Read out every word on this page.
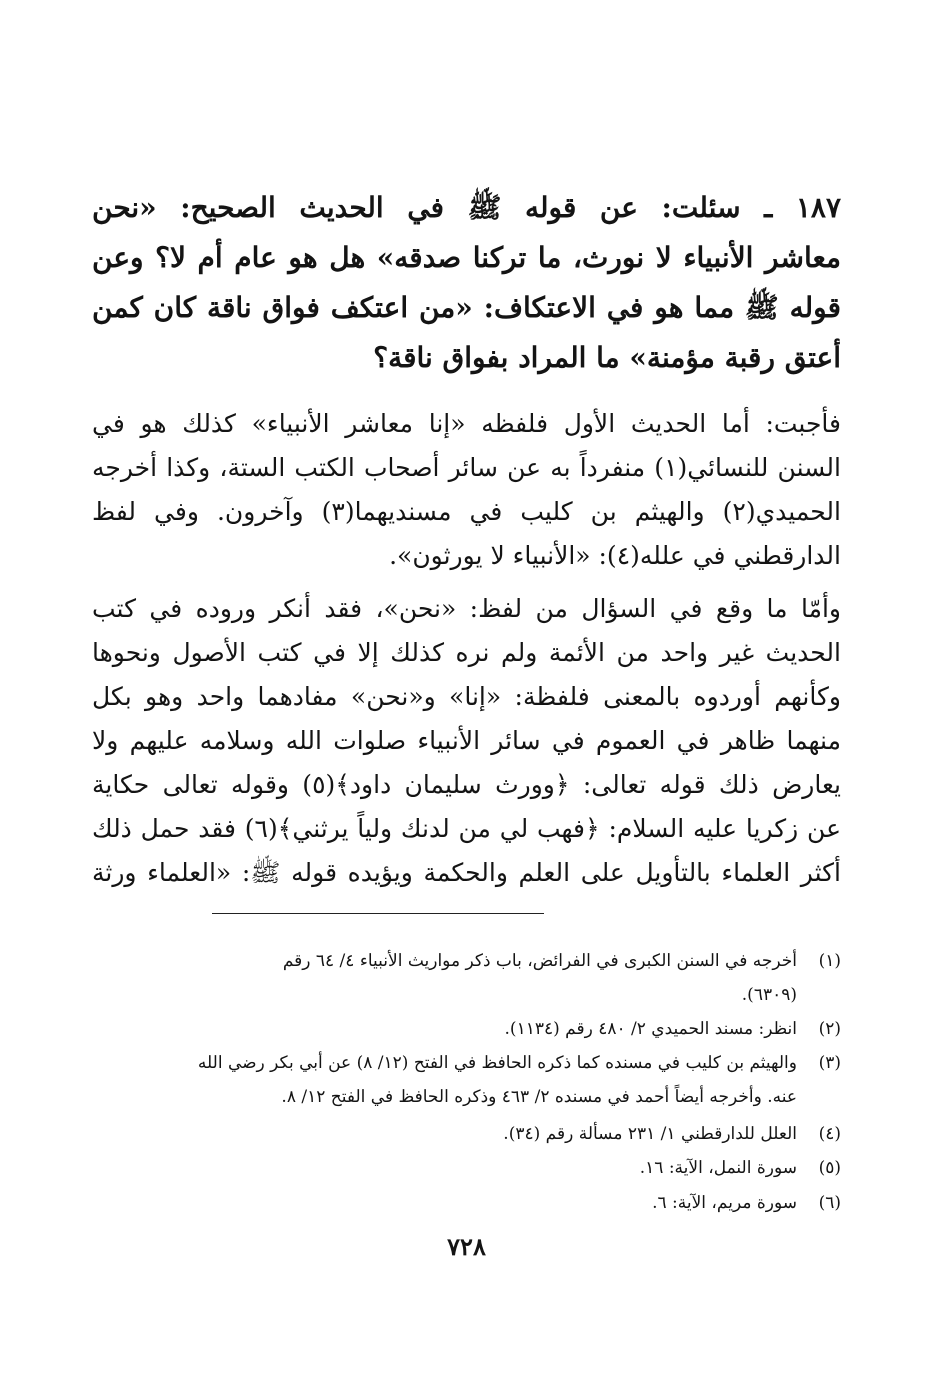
١٨٧ ـ سئلت: عن قوله ﷺ في الحديث الصحيح: «نحن
معاشر الأنبياء لا نورث، ما تركنا صدقه» هل هو عام أم لا؟ وعن
قوله ﷺ مما هو في الاعتكاف: «من اعتكف فواق ناقة كان كمن
أعتق رقبة مؤمنة» ما المراد بفواق ناقة؟
فأجبت: أما الحديث الأول فلفظه «إنا معاشر الأنبياء» كذلك هو في
السنن للنسائي(١) منفرداً به عن سائر أصحاب الكتب الستة، وكذا أخرجه
الحميدي(٢) والهيثم بن كليب في مسنديهما(٣) وآخرون. وفي لفظ
الدارقطني في علله(٤): «الأنبياء لا يورثون».
وأمّا ما وقع في السؤال من لفظ: «نحن»، فقد أنكر وروده في كتب
الحديث غير واحد من الأئمة ولم نره كذلك إلا في كتب الأصول ونحوها
وكأنهم أوردوه بالمعنى فلفظة: «إنا» و«نحن» مفادهما واحد وهو بكل
منهما ظاهر في العموم في سائر الأنبياء صلوات الله وسلامه عليهم ولا
يعارض ذلك قوله تعالى: ﴿وورث سليمان داود﴾(٥) وقوله تعالى حكاية
عن زكريا عليه السلام: ﴿فهب لي من لدنك ولياً يرثني﴾(٦) فقد حمل ذلك
أكثر العلماء بالتأويل على العلم والحكمة ويؤيده قوله ﷺ: «العلماء ورثة
(١)
أخرجه في السنن الكبرى في الفرائض، باب ذكر مواريث الأنبياء ٤/ ٦٤ رقم
(٦٣٠٩).
(٢)
انظر: مسند الحميدي ٢/ ٤٨٠ رقم (١١٣٤).
(٣)
والهيثم بن كليب في مسنده كما ذكره الحافظ في الفتح (١٢/ ٨) عن أبي بكر رضي الله
عنه. وأخرجه أيضاً أحمد في مسنده ٢/ ٤٦٣ وذكره الحافظ في الفتح ١٢/ ٨.
(٤)
العلل للدارقطني ١/ ٢٣١ مسألة رقم (٣٤).
(٥)
سورة النمل، الآية: ١٦.
(٦)
سورة مريم، الآية: ٦.
٧٢٨
